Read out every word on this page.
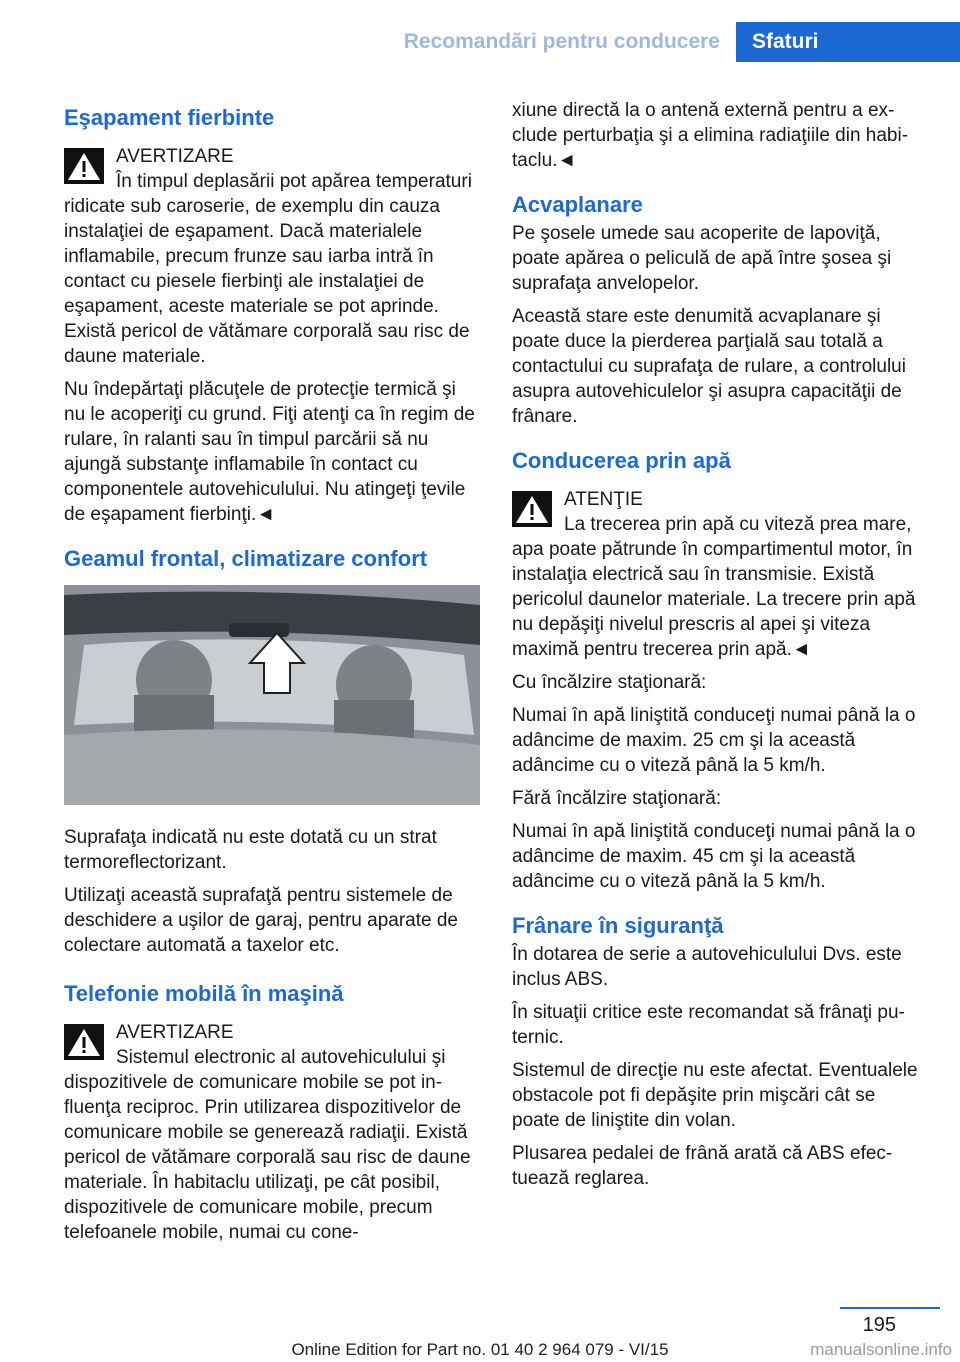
Recomandări pentru conducere	Sfaturi
Eşapament fierbinte
AVERTIZARE
În timpul deplasării pot apărea temperaturi ridicate sub caroserie, de exemplu din cauza instalaţiei de eşapament. Dacă materialele inflamabile, precum frunze sau iarba intră în contact cu piesele fierbinţi ale instalaţiei de eşapament, aceste materiale se pot aprinde. Există pericol de vătămare corporală sau risc de daune materiale.

Nu îndepărtaţi plăcuţele de protecţie termică şi nu le acoperiţi cu grund. Fiţi atenţi ca în regim de rulare, în ralanti sau în timpul parcării să nu ajungă substanţe inflamabile în contact cu componentele autovehiculului. Nu atingeţi ţevile de eşapament fierbinţi.◄

Geamul frontal, climatizare confort

Suprafaţa indicată nu este dotată cu un strat termoreflectorizant.

Utilizaţi această suprafaţă pentru sistemele de deschidere a uşilor de garaj, pentru aparate de colectare automată a taxelor etc.

Telefonie mobilă în maşină
AVERTIZARE
Sistemul electronic al autovehiculului şi dispozitivele de comunicare mobile se pot influenţa reciproc. Prin utilizarea dispozitivelor de comunicare mobile se generează radiaţii. Există pericol de vătămare corporală sau risc de daune materiale. În habitaclu utilizaţi, pe cât posibil, dispozitivele de comunicare mobile, precum telefoanele mobile, numai cu cone-

xiune directă la o antenă externă pentru a exclude perturbaţia şi a elimina radiaţiile din habitaclu.◄

Acvaplanare

Pe şosele umede sau acoperite de lapoviţă, poate apărea o peliculă de apă între şosea şi suprafaţa anvelopelor.

Această stare este denumită acvaplanare şi poate duce la pierderea parţială sau totală a contactului cu suprafaţa de rulare, a controlului asupra autovehiculelor şi asupra capacităţii de frânare.

Conducerea prin apă
ATENŢIE
La trecerea prin apă cu viteză prea mare, apa poate pătrunde în compartimentul motor, în instalaţia electrică sau în transmisie. Există pericolul daunelor materiale. La trecere prin apă nu depăşiţi nivelul prescris al apei şi viteza maximă pentru trecerea prin apă.◄

Cu încălzire staţionară:

Numai în apă liniştită conduceţi numai până la o adâncime de maxim. 25 cm şi la această adâncime cu o viteză până la 5 km/h.

Fără încălzire staţionară:

Numai în apă liniştită conduceţi numai până la o adâncime de maxim. 45 cm şi la această adâncime cu o viteză până la 5 km/h.

Frânare în siguranţă

În dotarea de serie a autovehiculului Dvs. este inclus ABS.

În situaţii critice este recomandat să frânaţi puternic.

Sistemul de direcţie nu este afectat. Eventualele obstacole pot fi depăşite prin mişcări cât se poate de liniştite din volan.

Plusarea pedalei de frână arată că ABS efectuează reglarea.

195
Online Edition for Part no. 01 40 2 964 079 - VI/15	manualsonline.info
